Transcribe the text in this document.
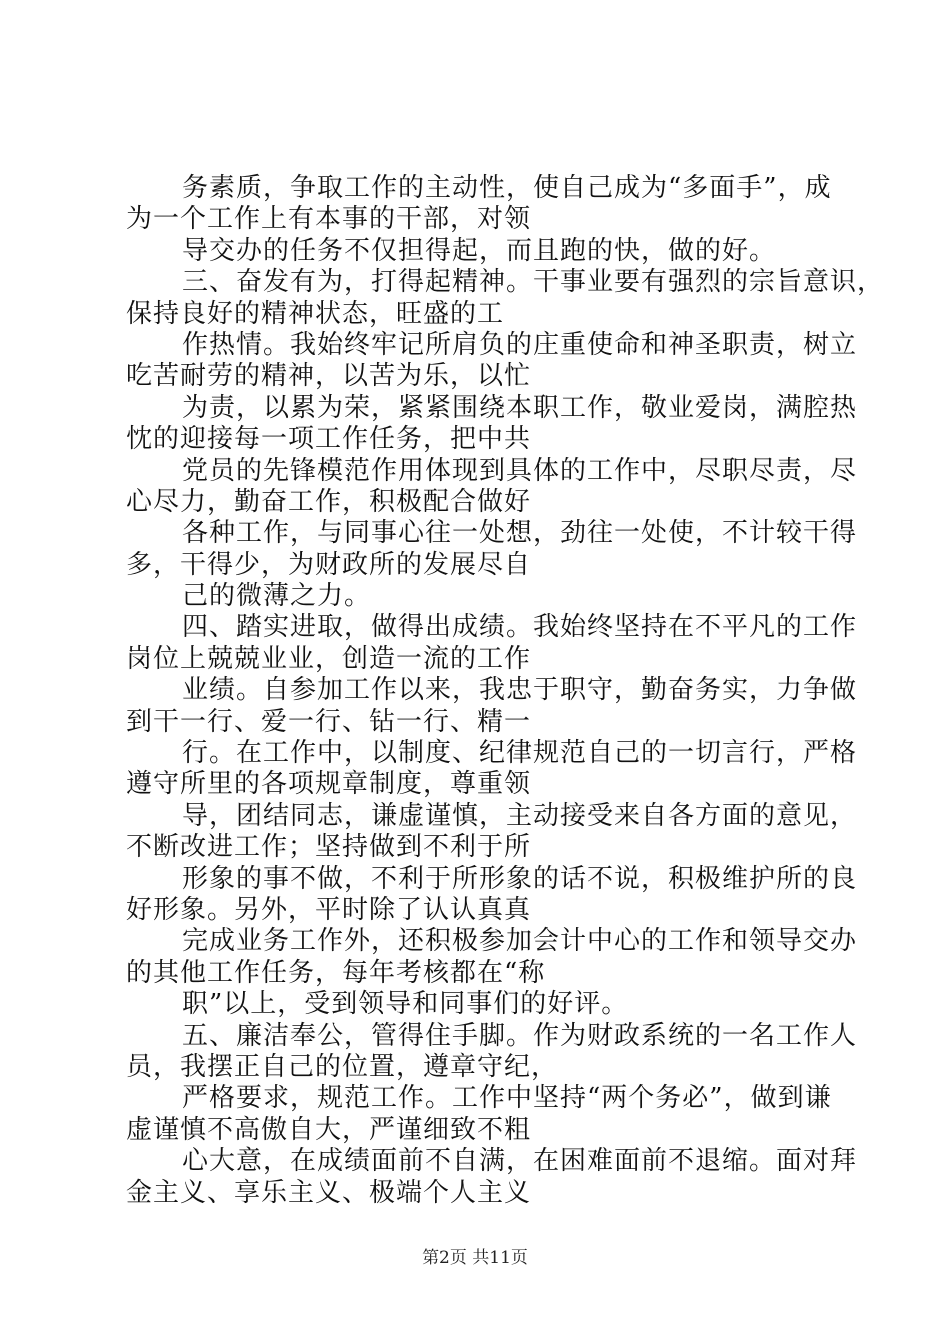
务素质，争取工作的主动性，使自己成为“多面手”，成
为一个工作上有本事的干部，对领
导交办的任务不仅担得起，而且跑的快，做的好。
三、奋发有为，打得起精神。干事业要有强烈的宗旨意识，
保持良好的精神状态，旺盛的工
作热情。我始终牢记所肩负的庄重使命和神圣职责，树立
吃苦耐劳的精神，以苦为乐，以忙
为责，以累为荣，紧紧围绕本职工作，敬业爱岗，满腔热
忱的迎接每一项工作任务，把中共
党员的先锋模范作用体现到具体的工作中，尽职尽责，尽
心尽力，勤奋工作，积极配合做好
各种工作，与同事心往一处想，劲往一处使，不计较干得
多，干得少，为财政所的发展尽自
己的微薄之力。
四、踏实进取，做得出成绩。我始终坚持在不平凡的工作
岗位上兢兢业业，创造一流的工作
业绩。自参加工作以来，我忠于职守，勤奋务实，力争做
到干一行、爱一行、钻一行、精一
行。在工作中，以制度、纪律规范自己的一切言行，严格
遵守所里的各项规章制度，尊重领
导，团结同志，谦虚谨慎，主动接受来自各方面的意见，
不断改进工作；坚持做到不利于所
形象的事不做，不利于所形象的话不说，积极维护所的良
好形象。另外，平时除了认认真真
完成业务工作外，还积极参加会计中心的工作和领导交办
的其他工作任务，每年考核都在“称
职”以上，受到领导和同事们的好评。
五、廉洁奉公，管得住手脚。作为财政系统的一名工作人
员，我摆正自己的位置，遵章守纪，
严格要求，规范工作。工作中坚持“两个务必”，做到谦
虚谨慎不高傲自大，严谨细致不粗
心大意，在成绩面前不自满，在困难面前不退缩。面对拜
金主义、享乐主义、极端个人主义
第2页 共11页
